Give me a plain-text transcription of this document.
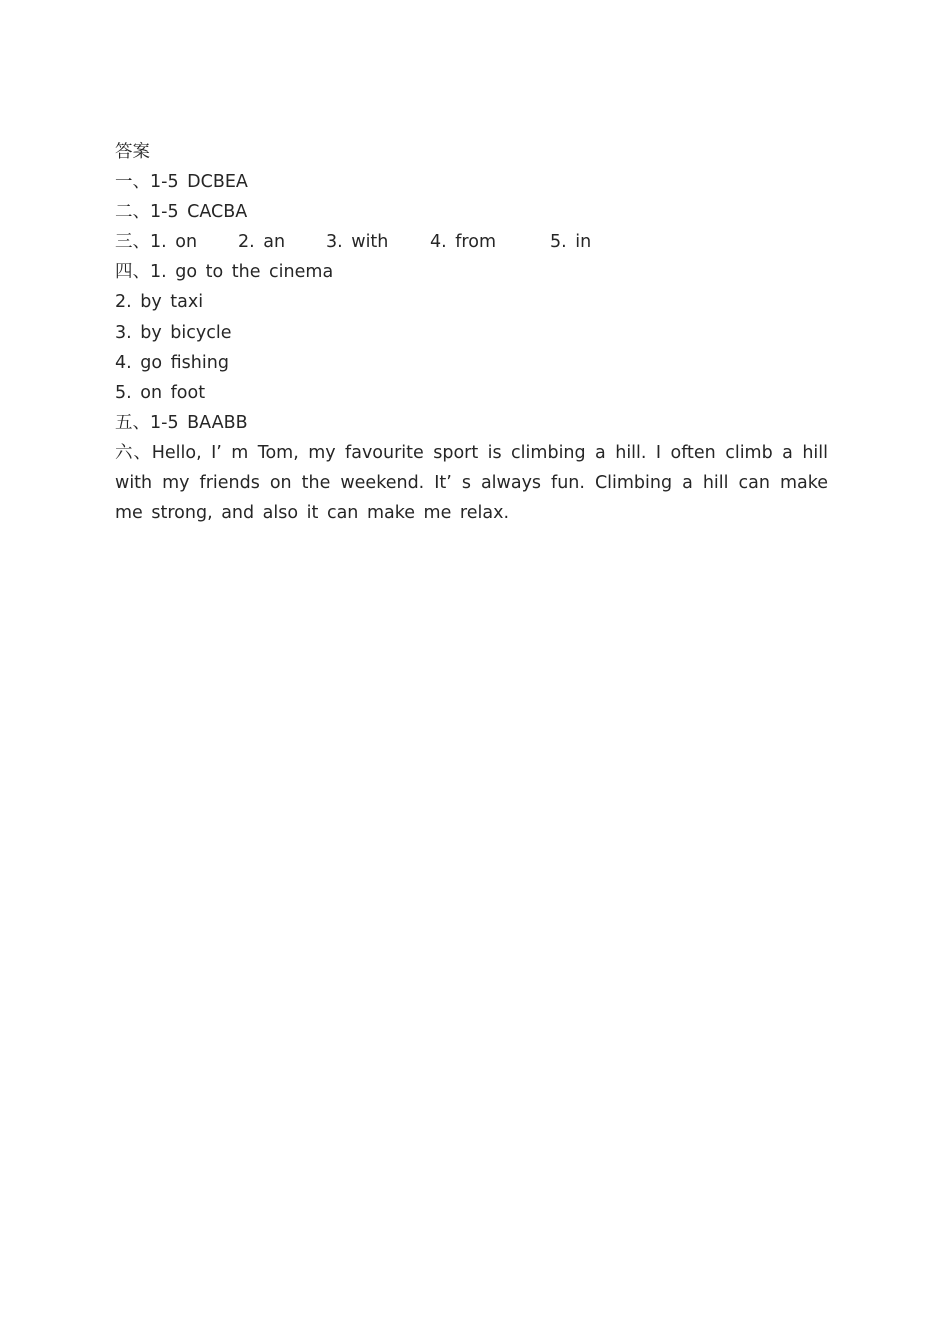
答案
一、1-5 DCBEA
二、1-5 CACBA
三、1. on 2. an 3. with 4. from	5. in
四、1. go to the cinema
2. by taxi
3. by bicycle
4. go fishing
5. on foot
五、1-5 BAABB
六、Hello, I’ m Tom, my favourite sport is climbing a hill. I often climb a hill with my friends on the weekend. It’ s always fun. Climbing a hill can make me strong, and also it can make me relax.
